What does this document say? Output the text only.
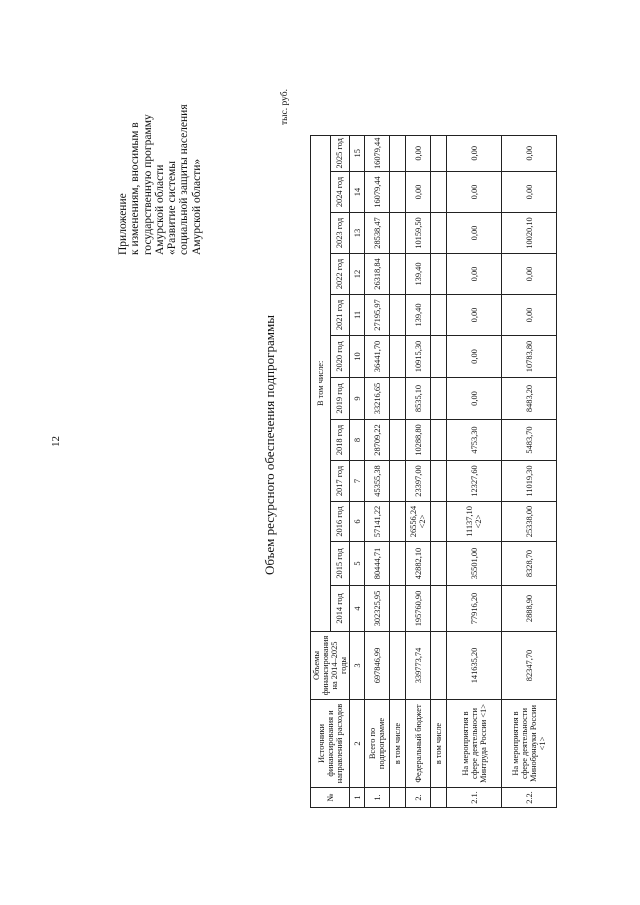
12
Приложение к изменениям, вносимым в государственную программу Амурской области «Развитие системы социальной защиты населения Амурской области»
Объем ресурсного обеспечения подпрограммы
тыс. руб.
№	Источники финансирования и направлений расходов	Объемы финансирования на 2014–2025 годы	В том числе:											
			2014 год	2015 год	2016 год	2017 год	2018 год	2019 год	2020 год	2021 год	2022 год	2023 год	2024 год	2025 год
1	2	3	4	5	6	7	8	9	10	11	12	13	14	15
1.	Всего по подпрограмме	697846,99	302325,95	80444,71	57141,22	45355,38	28709,22	33216,65	36441,70	27195,97	26318,84	28538,47	16079,44	16079,44
	в том числе													
2.	Федеральный бюджет	339773,74	195760,90	42882,10	26556,24 <2>	23397,00	10288,80	8535,10	10915,30	139,40	139,40	10159,50	0,00	0,00
	в том числе													
2.1.	На мероприятия в сфере деятельности Минтруда России <1>	141635,20	77916,20	35501,00	11137,10 <2>	12327,60	4753,30	0,00	0,00	0,00	0,00	0,00	0,00	0,00
2.2.	На мероприятия в сфере деятельности Минобрнауки России <1>	82347,70	2888,90	8328,70	25338,00	11019,30	5483,70	8483,20	10783,80	0,00	0,00	10020,10	0,00	0,00
